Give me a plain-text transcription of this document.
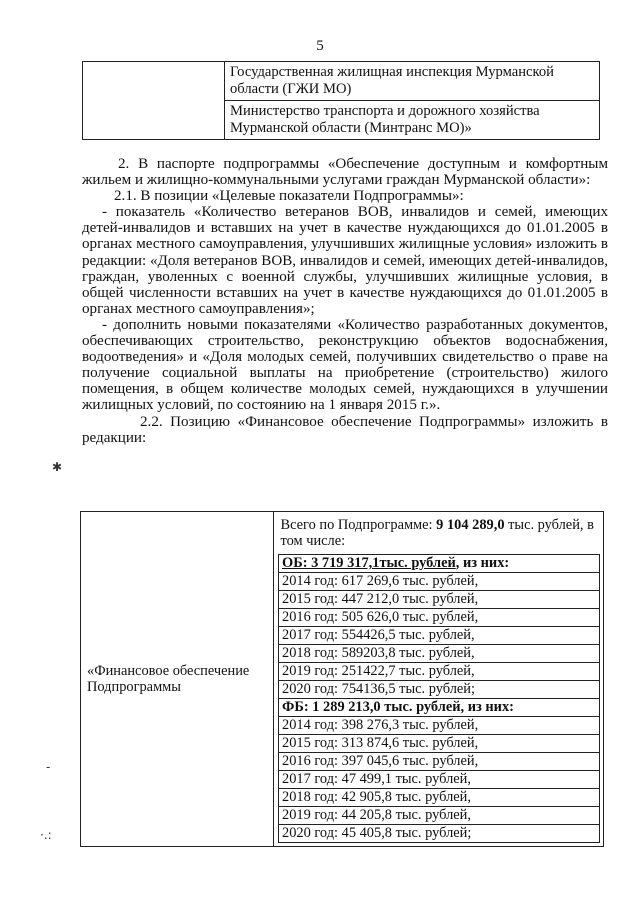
5
	Государственная жилищная инспекция Мурманской области (ГЖИ МО)
Министерство транспорта и дорожного хозяйства Мурманской области (Минтранс МО)»

2. В паспорте подпрограммы «Обеспечение доступным и комфортным жильем и жилищно-коммунальными услугами граждан Мурманской области»:

2.1. В позиции «Целевые показатели Подпрограммы»:

- показатель «Количество ветеранов ВОВ, инвалидов и семей, имеющих детей-инвалидов и вставших на учет в качестве нуждающихся до 01.01.2005 в органах местного самоуправления, улучшивших жилищные условия» изложить в редакции: «Доля ветеранов ВОВ, инвалидов и семей, имеющих детей-инвалидов, граждан, уволенных с военной службы, улучшивших жилищные условия, в общей численности вставших на учет в качестве нуждающихся до 01.01.2005 в органах местного самоуправления»;

- дополнить новыми показателями «Количество разработанных документов, обеспечивающих строительство, реконструкцию объектов водоснабжения, водоотведения» и «Доля молодых семей, получивших свидетельство о праве на получение социальной выплаты на приобретение (строительство) жилого помещения, в общем количестве молодых семей, нуждающихся в улучшении жилищных условий, по состоянию на 1 января 2015 г.».

2.2. Позицию «Финансовое обеспечение Подпрограммы» изложить в редакции:

✱
-
·.:
«Финансовое обеспечение Подпрограммы	
Всего по Подпрограмме: 9 104 289,0 тыс. рублей, в том числе:
ОБ: 3 719 317,1тыс. рублей, из них:
2014 год: 617 269,6 тыс. рублей,
2015 год: 447 212,0 тыс. рублей,
2016 год: 505 626,0 тыс. рублей,
2017 год: 554426,5 тыс. рублей,
2018 год: 589203,8 тыс. рублей,
2019 год: 251422,7 тыс. рублей,
2020 год: 754136,5 тыс. рублей;
ФБ: 1 289 213,0 тыс. рублей, из них:
2014 год: 398 276,3 тыс. рублей,
2015 год: 313 874,6 тыс. рублей,
2016 год: 397 045,6 тыс. рублей,
2017 год: 47 499,1 тыс. рублей,
2018 год: 42 905,8 тыс. рублей,
2019 год: 44 205,8 тыс. рублей,
2020 год: 45 405,8 тыс. рублей;
